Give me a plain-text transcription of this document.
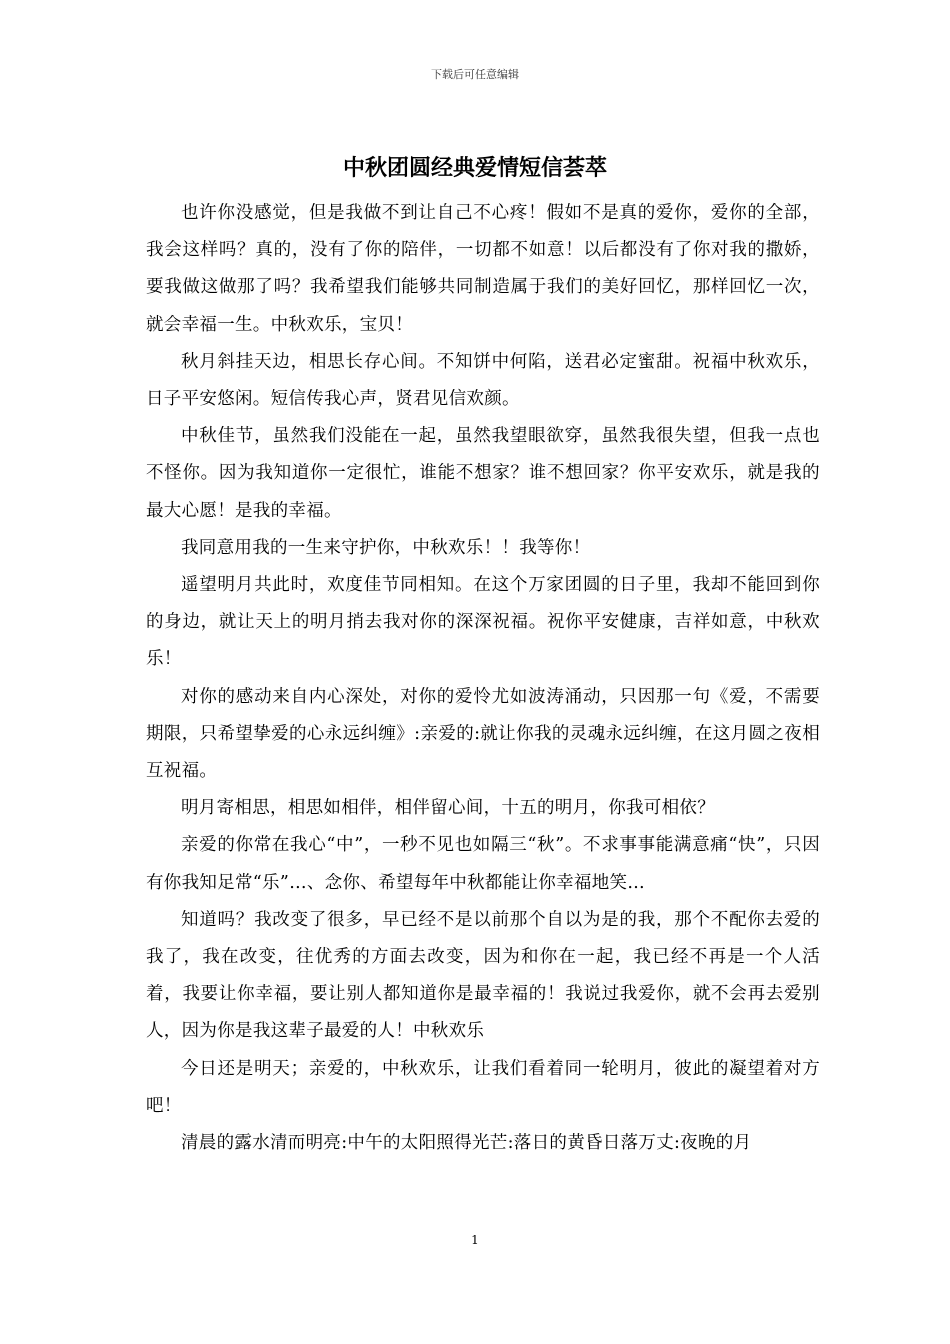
下载后可任意编辑
中秋团圆经典爱情短信荟萃

也许你没感觉，但是我做不到让自己不心疼！假如不是真的爱你，爱你的全部，我会这样吗？真的，没有了你的陪伴，一切都不如意！以后都没有了你对我的撒娇，要我做这做那了吗？我希望我们能够共同制造属于我们的美好回忆，那样回忆一次，就会幸福一生。中秋欢乐，宝贝！

秋月斜挂天边，相思长存心间。不知饼中何陷，送君必定蜜甜。祝福中秋欢乐，日子平安悠闲。短信传我心声，贤君见信欢颜。

中秋佳节，虽然我们没能在一起，虽然我望眼欲穿，虽然我很失望，但我一点也不怪你。因为我知道你一定很忙，谁能不想家？谁不想回家？你平安欢乐，就是我的最大心愿！是我的幸福。

我同意用我的一生来守护你，中秋欢乐！！我等你！

遥望明月共此时，欢度佳节同相知。在这个万家团圆的日子里，我却不能回到你的身边，就让天上的明月捎去我对你的深深祝福。祝你平安健康，吉祥如意，中秋欢乐！

对你的感动来自内心深处，对你的爱怜尤如波涛涌动，只因那一句《爱，不需要期限，只希望挚爱的心永远纠缠》:亲爱的:就让你我的灵魂永远纠缠，在这月圆之夜相互祝福。

明月寄相思，相思如相伴，相伴留心间，十五的明月，你我可相依？

亲爱的你常在我心“中”，一秒不见也如隔三“秋”。不求事事能满意痛“快”，只因有你我知足常“乐”…、念你、希望每年中秋都能让你幸福地笑…

知道吗？我改变了很多，早已经不是以前那个自以为是的我，那个不配你去爱的我了，我在改变，往优秀的方面去改变，因为和你在一起，我已经不再是一个人活着，我要让你幸福，要让别人都知道你是最幸福的！我说过我爱你，就不会再去爱别人，因为你是我这辈子最爱的人！中秋欢乐

今日还是明天；亲爱的，中秋欢乐，让我们看着同一轮明月，彼此的凝望着对方吧！

清晨的露水清而明亮:中午的太阳照得光芒:落日的黄昏日落万丈:夜晚的月

1
